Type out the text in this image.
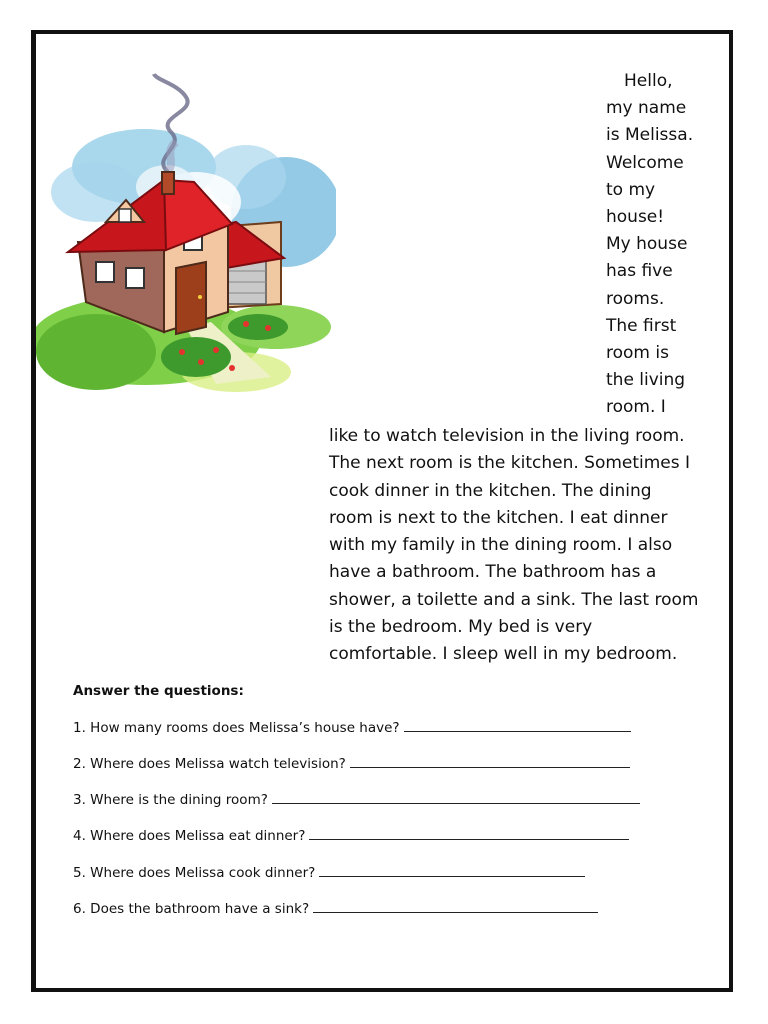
Hello,
my name
is Melissa.
Welcome
to my
house!
My house
has five
rooms.
The first
room is
the living
room. I
like to watch television in the living room.
The next room is the kitchen. Sometimes I
cook dinner in the kitchen. The dining
room is next to the kitchen. I eat dinner
with my family in the dining room. I also
have a bathroom. The bathroom has a
shower, a toilette and a sink. The last room
is the bedroom. My bed is very
comfortable. I sleep well in my bedroom.
Answer the questions:
1. How many rooms does Melissa’s house have?
2. Where does Melissa watch television?
3. Where is the dining room?
4. Where does Melissa eat dinner?
5. Where does Melissa cook dinner?
6. Does the bathroom have a sink?
